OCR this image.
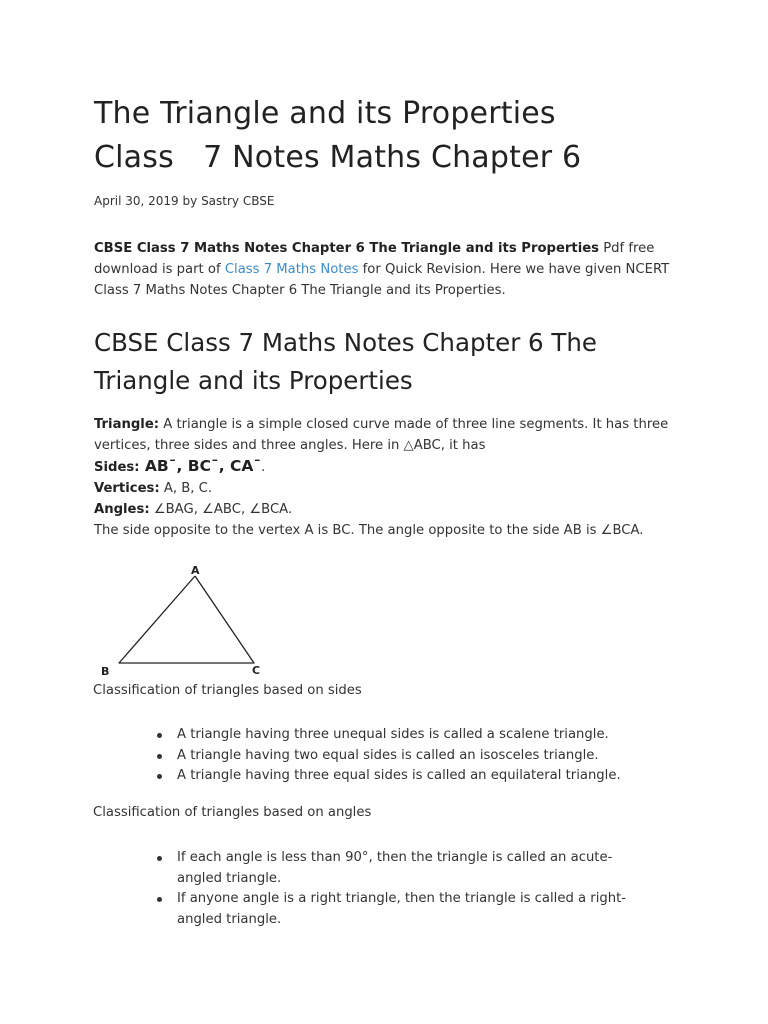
The Triangle and its Properties
Class   7 Notes Maths Chapter 6
April 30, 2019 by Sastry CBSE

CBSE Class 7 Maths Notes Chapter 6 The Triangle and its Properties Pdf free download is part of Class 7 Maths Notes for Quick Revision. Here we have given NCERT Class 7 Maths Notes Chapter 6 The Triangle and its Properties.

CBSE Class 7 Maths Notes Chapter 6 The
Triangle and its Properties
Triangle: A triangle is a simple closed curve made of three line segments. It has three vertices, three sides and three angles. Here in △ABC, it has
Sides: AB¯, BC¯, CA¯.
Vertices: A, B, C.
Angles: ∠BAG, ∠ABC, ∠BCA.
The side opposite to the vertex A is BC. The angle opposite to the side AB is ∠BCA.
A
B	C
Classification of triangles based on sides
A triangle having three unequal sides is called a scalene triangle.
A triangle having two equal sides is called an isosceles triangle.
A triangle having three equal sides is called an equilateral triangle.
Classification of triangles based on angles
If each angle is less than 90°, then the triangle is called an acute-angled triangle.
If anyone angle is a right triangle, then the triangle is called a right-angled triangle.
